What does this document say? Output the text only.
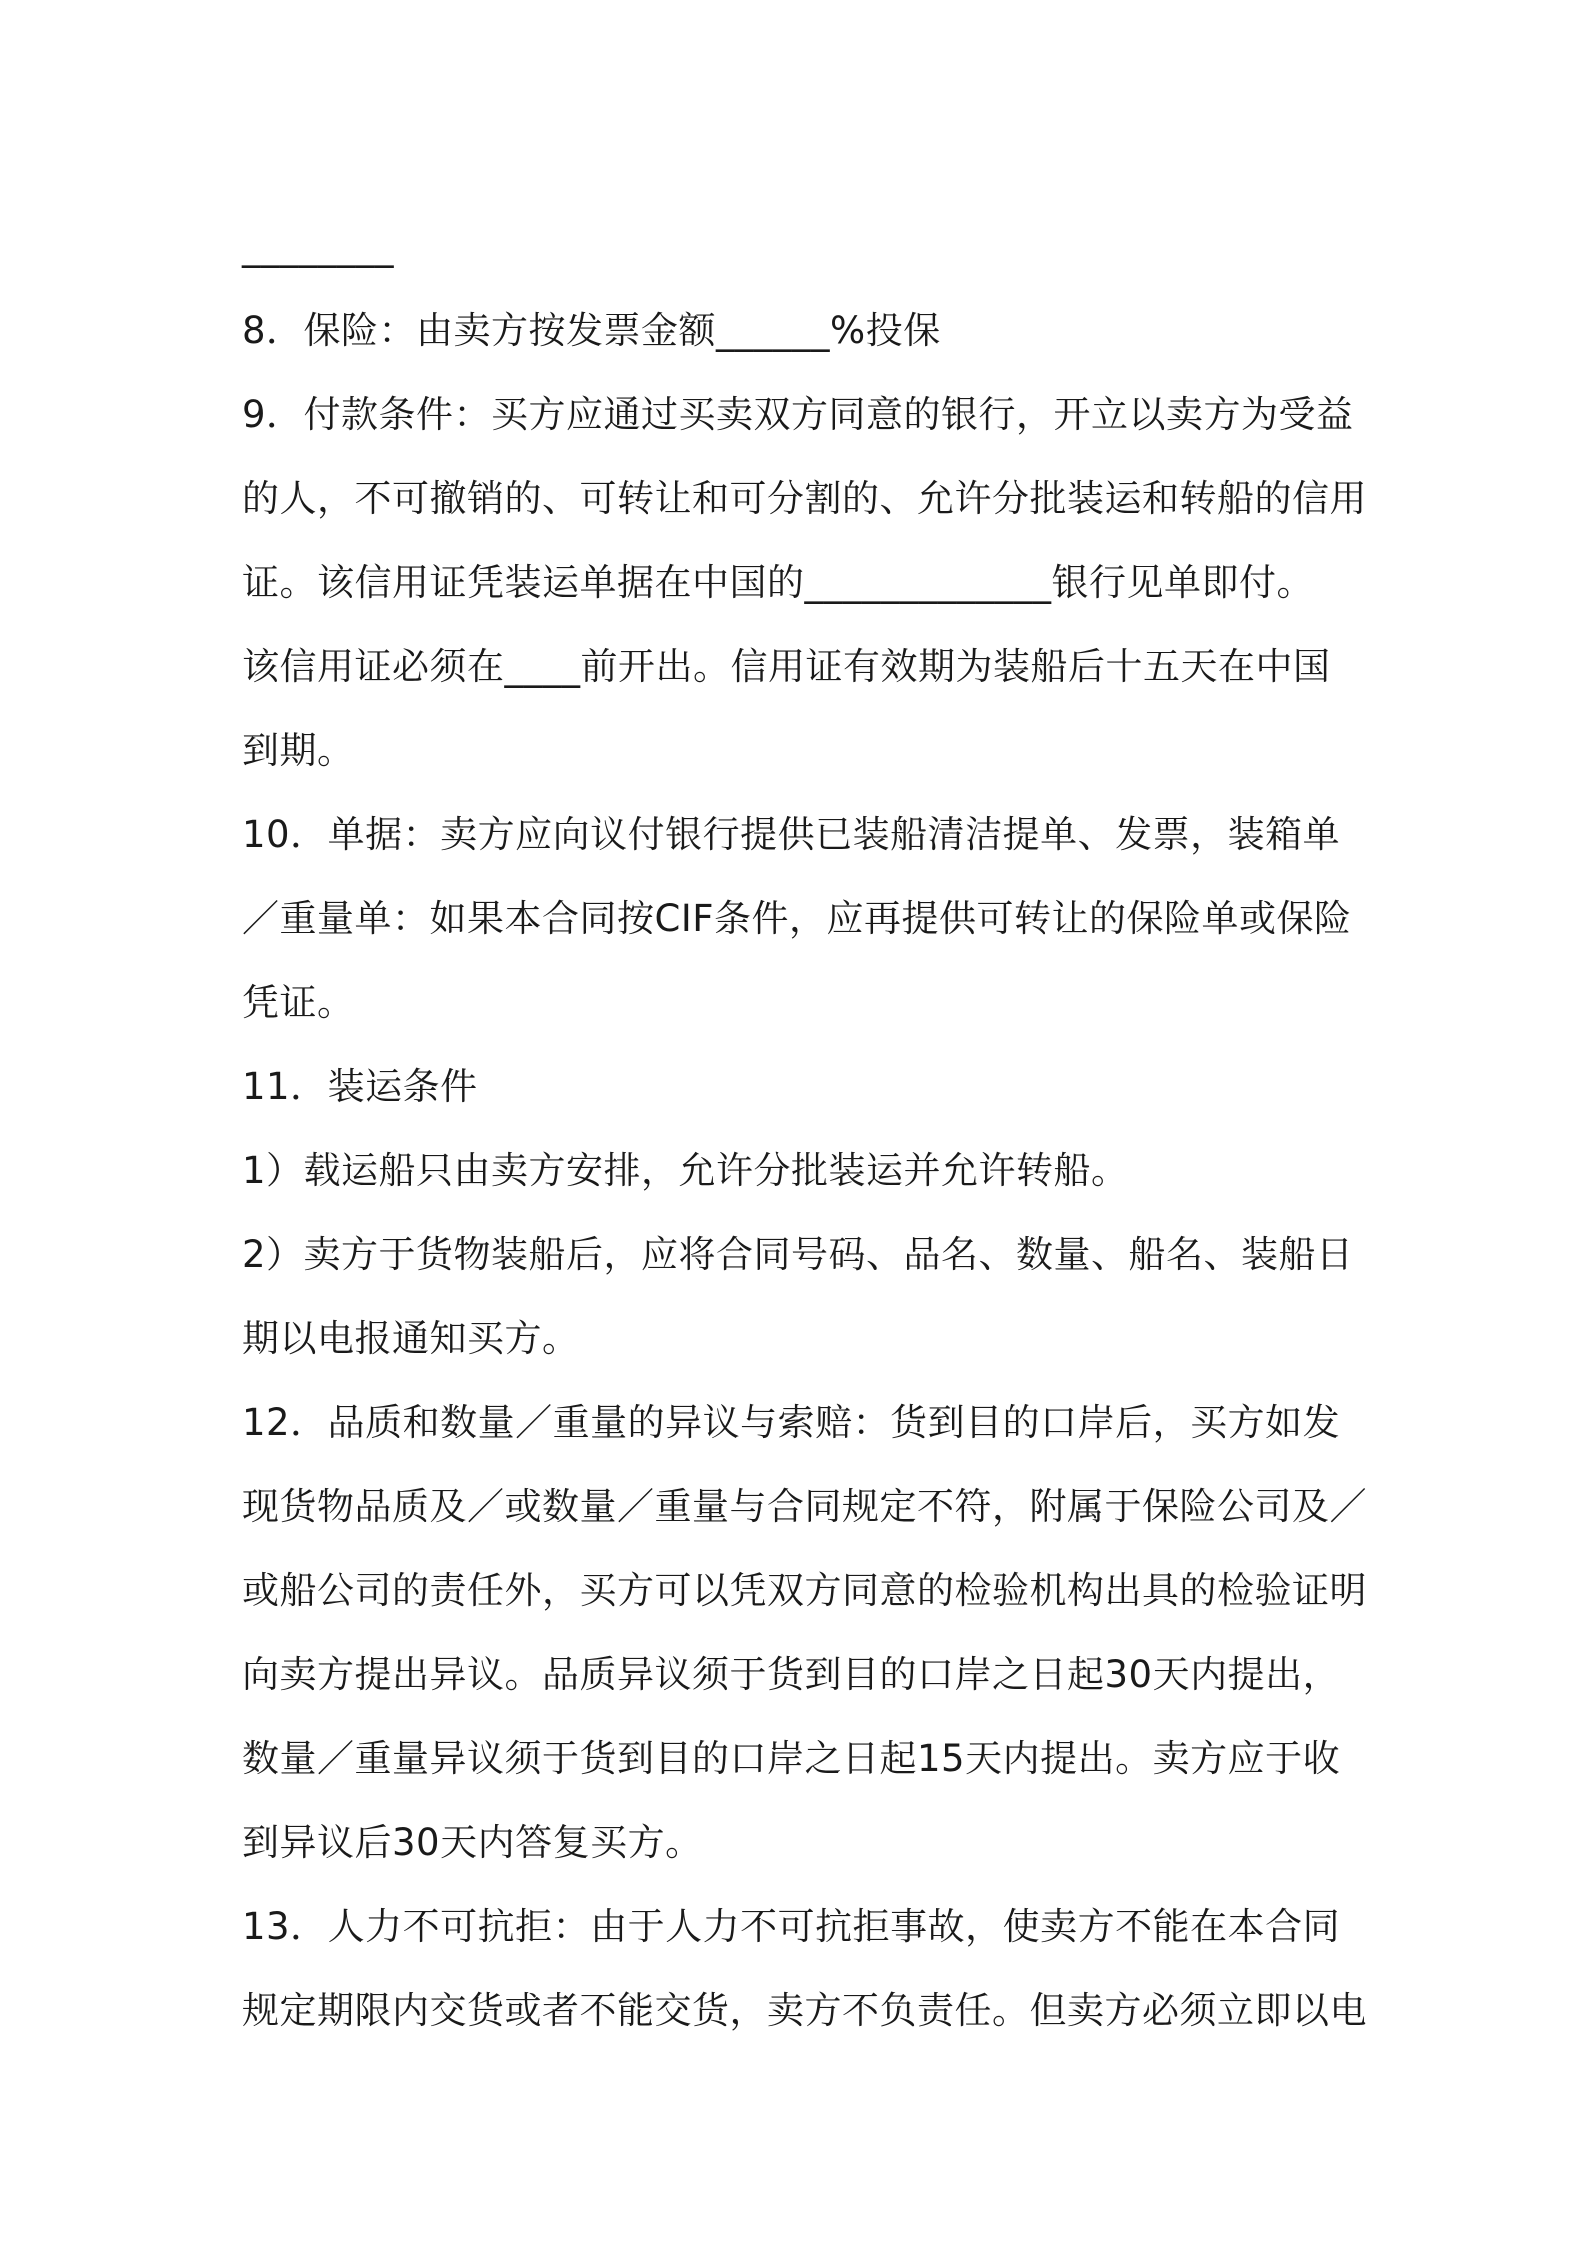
________
8．保险：由卖方按发票金额______%投保
9．付款条件：买方应通过买卖双方同意的银行，开立以卖方为受益
的人，不可撤销的、可转让和可分割的、允许分批装运和转船的信用
证。该信用证凭装运单据在中国的_____________银行见单即付。
该信用证必须在____前开出。信用证有效期为装船后十五天在中国
到期。
10．单据：卖方应向议付银行提供已装船清洁提单、发票，装箱单
／重量单：如果本合同按CIF条件，应再提供可转让的保险单或保险
凭证。
11．装运条件
1）载运船只由卖方安排，允许分批装运并允许转船。
2）卖方于货物装船后，应将合同号码、品名、数量、船名、装船日
期以电报通知买方。
12．品质和数量／重量的异议与索赔：货到目的口岸后，买方如发
现货物品质及／或数量／重量与合同规定不符，附属于保险公司及／
或船公司的责任外，买方可以凭双方同意的检验机构出具的检验证明
向卖方提出异议。品质异议须于货到目的口岸之日起30天内提出，
数量／重量异议须于货到目的口岸之日起15天内提出。卖方应于收
到异议后30天内答复买方。
13．人力不可抗拒：由于人力不可抗拒事故，使卖方不能在本合同
规定期限内交货或者不能交货，卖方不负责任。但卖方必须立即以电
